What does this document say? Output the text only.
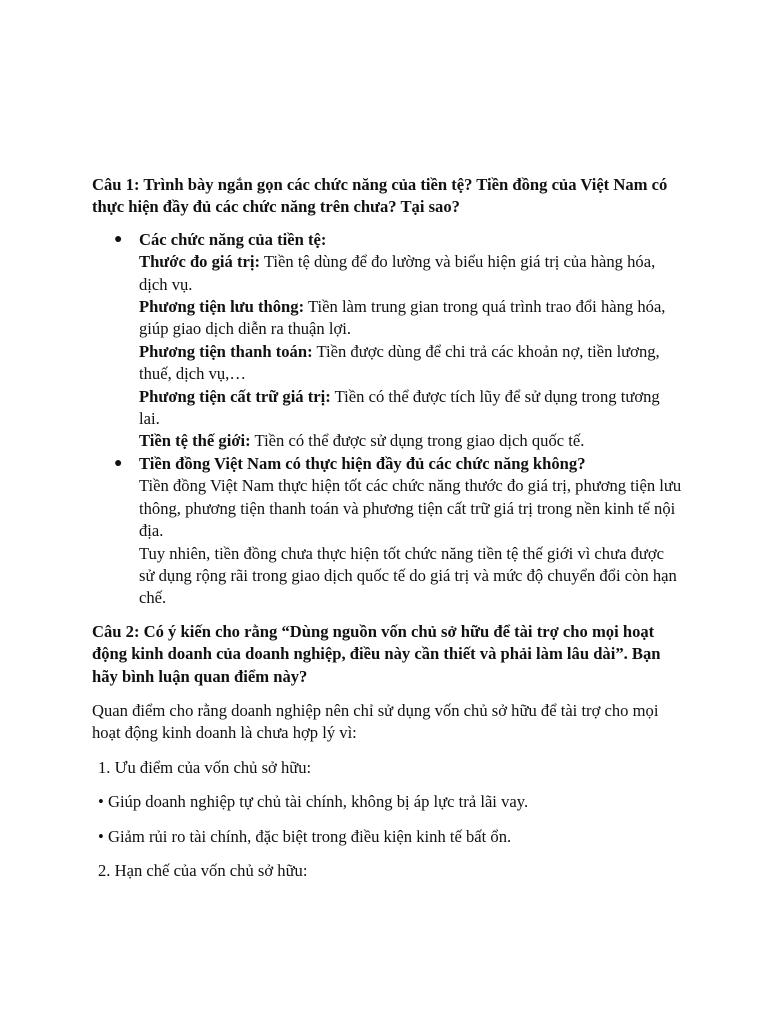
Câu 1: Trình bày ngắn gọn các chức năng của tiền tệ? Tiền đồng của Việt Nam có thực hiện đầy đủ các chức năng trên chưa? Tại sao?

● Các chức năng của tiền tệ:
Thước đo giá trị: Tiền tệ dùng để đo lường và biểu hiện giá trị của hàng hóa, dịch vụ.
Phương tiện lưu thông: Tiền làm trung gian trong quá trình trao đổi hàng hóa, giúp giao dịch diễn ra thuận lợi.
Phương tiện thanh toán: Tiền được dùng để chi trả các khoản nợ, tiền lương, thuế, dịch vụ,…
Phương tiện cất trữ giá trị: Tiền có thể được tích lũy để sử dụng trong tương lai.
Tiền tệ thế giới: Tiền có thể được sử dụng trong giao dịch quốc tế.
● Tiền đồng Việt Nam có thực hiện đầy đủ các chức năng không?
Tiền đồng Việt Nam thực hiện tốt các chức năng thước đo giá trị, phương tiện lưu thông, phương tiện thanh toán và phương tiện cất trữ giá trị trong nền kinh tế nội địa.
Tuy nhiên, tiền đồng chưa thực hiện tốt chức năng tiền tệ thế giới vì chưa được sử dụng rộng rãi trong giao dịch quốc tế do giá trị và mức độ chuyển đổi còn hạn chế.

Câu 2: Có ý kiến cho rằng “Dùng nguồn vốn chủ sở hữu để tài trợ cho mọi hoạt động kinh doanh của doanh nghiệp, điều này cần thiết và phải làm lâu dài”. Bạn hãy bình luận quan điểm này?

Quan điểm cho rằng doanh nghiệp nên chỉ sử dụng vốn chủ sở hữu để tài trợ cho mọi hoạt động kinh doanh là chưa hợp lý vì:

1. Ưu điểm của vốn chủ sở hữu:

• Giúp doanh nghiệp tự chủ tài chính, không bị áp lực trả lãi vay.

• Giảm rủi ro tài chính, đặc biệt trong điều kiện kinh tế bất ổn.

2. Hạn chế của vốn chủ sở hữu:
